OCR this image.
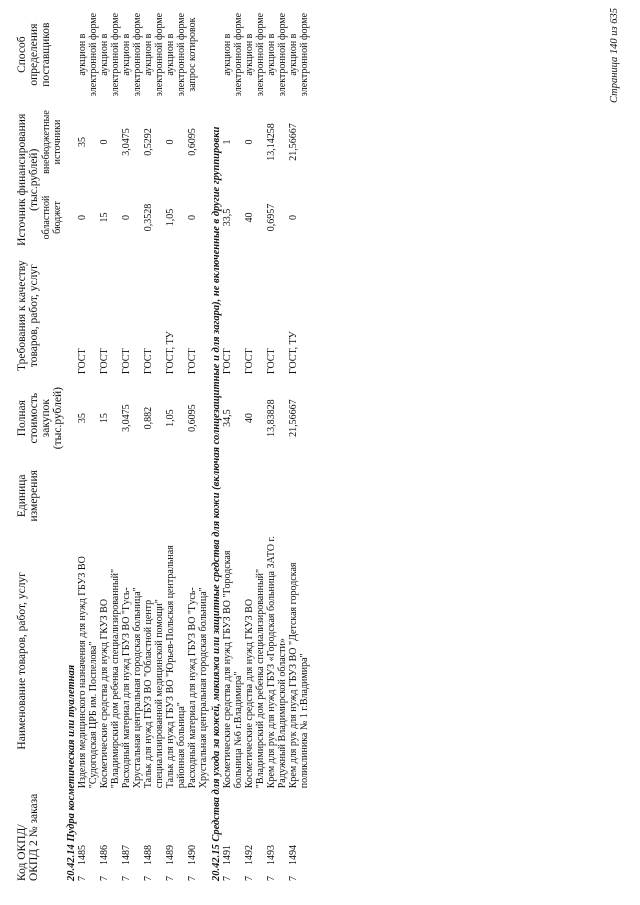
Код ОКПД/ ОКПД 2 № заказа	Наименование товаров, работ, услуг	Единица измерения	Полная стоимость закупок (тыс.рублей)	Требования к качеству товаров, работ, услуг	Источник финансирования (тыс.рублей)		Способ определения поставщиков
					областной бюджет	внебюджетные источники	
20.42.14 Пудра косметическая или туалетная							
71485	Изделия медицинского назначения для нужд ГБУЗ ВО "Судогодская ЦРБ им. Поспелова"		35	ГОСТ	0	35	аукцион в электронной форме
71486	Косметические средства для нужд ГКУЗ ВО "Владимирский дом ребенка специализированный"		15	ГОСТ	15	0	аукцион в электронной форме
71487	Расходный материал для нужд ГБУЗ ВО "Гусь-Хрустальная центральная городская больница"		3,0475	ГОСТ	0	3,0475	аукцион в электронной форме
71488	Тальк для нужд ГБУЗ ВО "Областной центр специализированной медицинской помощи"		0,882	ГОСТ	0,3528	0,5292	аукцион в электронной форме
71489	Тальк для нужд ГБУЗ ВО "Юрьев-Польская центральная районная больница"		1,05	ГОСТ, ТУ	1,05	0	аукцион в электронной форме
71490	Расходный материал для нужд ГБУЗ ВО "Гусь-Хрустальная центральная городская больница"		0,6095	ГОСТ	0	0,6095	запрос котировок
20.42.15 Средства для ухода за кожей, макияжа или защитные средства для кожи (включая солнцезащитные и для загара), не включенные в другие группировки							
71491	Косметические средства для нужд ГБУЗ ВО "Городская больница №6 г.Владимира"		34,5	ГОСТ	33,5	1	аукцион в электронной форме
71492	Косметические средства для нужд ГКУЗ ВО "Владимирский дом ребенка специализированный"		40	ГОСТ	40	0	аукцион в электронной форме
71493	Крем для рук для нужд ГБУЗ «Городская больница ЗАТО г. Радужный Владимирской области»		13,83828	ГОСТ	0,6957	13,14258	аукцион в электронной форме
71494	Крем для рук для нужд ГБУЗ ВО "Детская городская поликлиника № 1 г.Владимира"		21,56667	ГОСТ, ТУ	0	21,56667	аукцион в электронной форме	Страница 140 из 635
